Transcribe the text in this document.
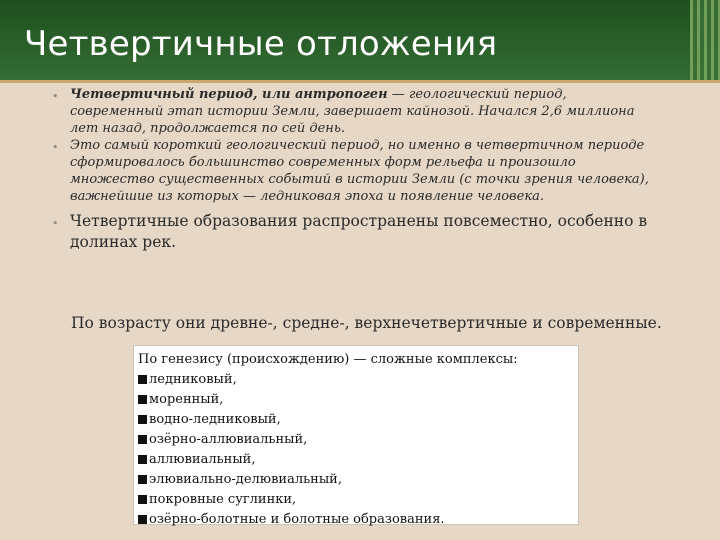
Четвертичные отложения
• Четвертичный период, или антропоген — геологический период, современный этап истории Земли, завершает кайнозой. Начался 2,6 миллиона лет назад, продолжается по сей день.
• Это самый короткий геологический период, но именно в четвертичном периоде сформировалось большинство современных форм рельефа и произошло множество существенных событий в истории Земли (с точки зрения человека), важнейшие из которых — ледниковая эпоха и появление человека.
• Четвертичные образования распространены повсеместно, особенно в долинах рек.
По возрасту они древне-, средне-, верхнечетвертичные и современные.
По генезису (происхождению) — сложные комплексы:
ледниковый,
моренный,
водно-ледниковый,
озёрно-аллювиальный,
аллювиальный,
элювиально-делювиальный,
покровные суглинки,
озёрно-болотные и болотные образования.
